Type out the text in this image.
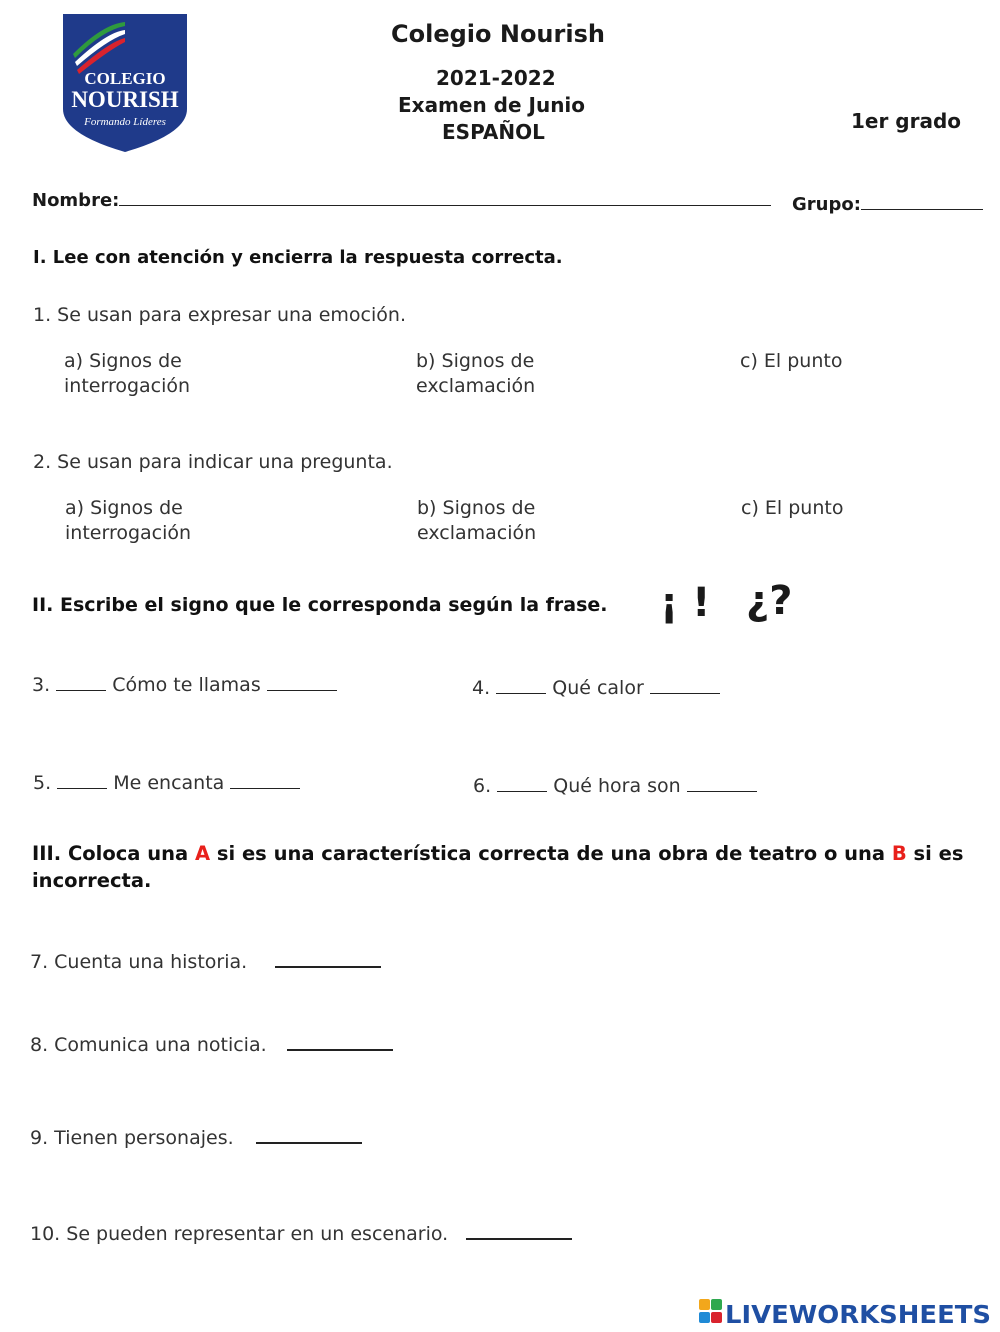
COLEGIO
NOURISH
Formando Líderes
Colegio Nourish
2021-2022
Examen de Junio
ESPAÑOL	1er grado
Nombre:	Grupo:
I. Lee con atención y encierra la respuesta correcta.
1. Se usan para expresar una emoción.
a) Signos de interrogación
b) Signos de exclamación
c) El punto
2. Se usan para indicar una pregunta.
a) Signos de interrogación
b) Signos de exclamación
c) El punto
II. Escribe el signo que le corresponda según la frase. ¡ ! ¿?
3.	Cómo te llamas	4.	Qué calor
5.	Me encanta	6.	Qué hora son
III. Coloca una A si es una característica correcta de una obra de teatro o una B si es
incorrecta.
7. Cuenta una historia.
8. Comunica una noticia.
9. Tienen personajes.
10. Se pueden representar en un escenario.
LIVEWORKSHEETS
